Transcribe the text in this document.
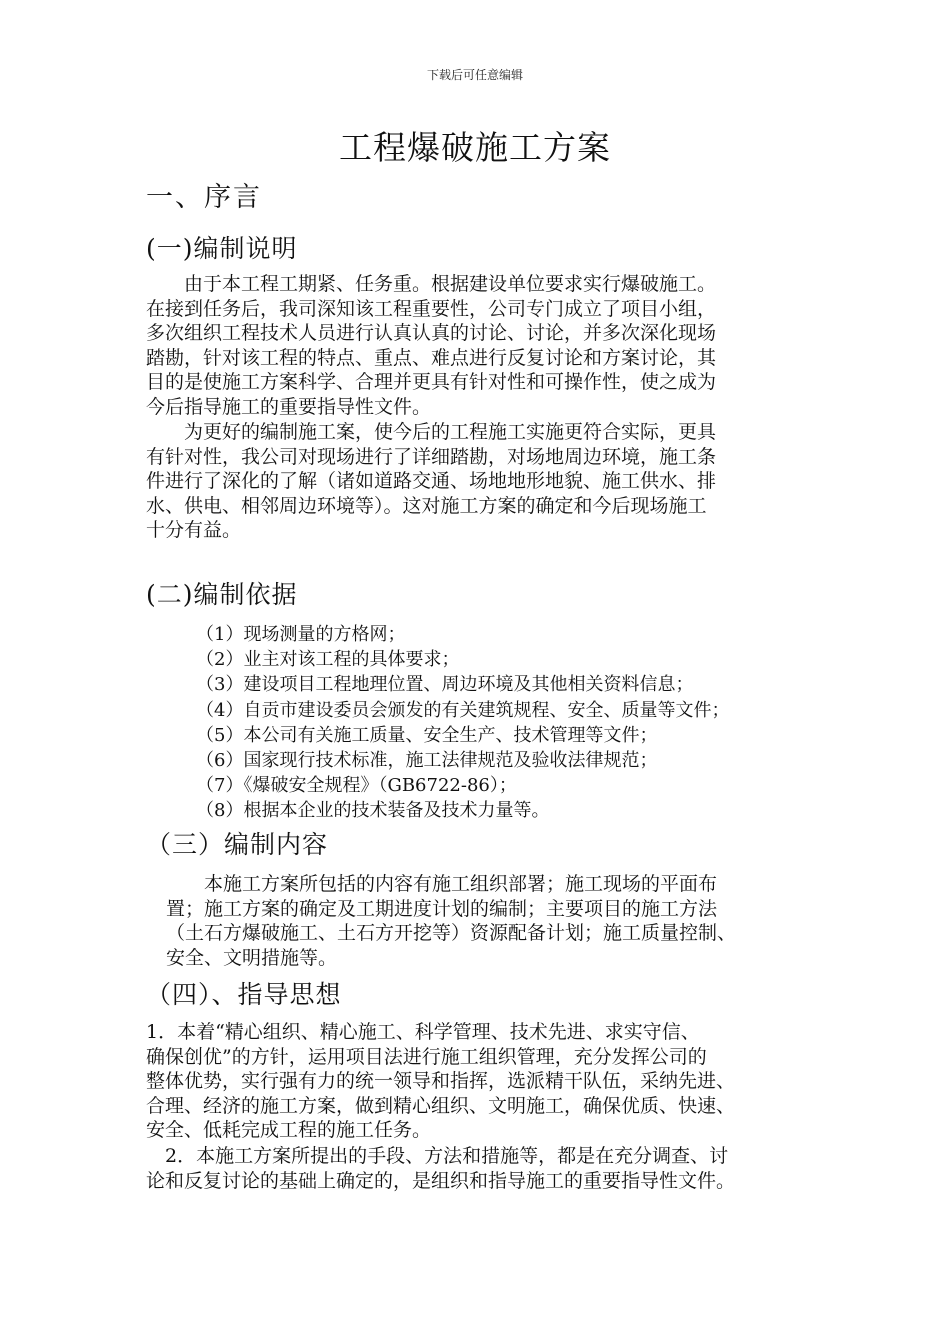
下载后可任意编辑
工程爆破施工方案
一、序言
(一)编制说明
　　由于本工程工期紧、任务重。根据建设单位要求实行爆破施工。
在接到任务后，我司深知该工程重要性，公司专门成立了项目小组，
多次组织工程技术人员进行认真认真的讨论、讨论，并多次深化现场
踏勘，针对该工程的特点、重点、难点进行反复讨论和方案讨论，其
目的是使施工方案科学、合理并更具有针对性和可操作性，使之成为
今后指导施工的重要指导性文件。
　　为更好的编制施工案，使今后的工程施工实施更符合实际，更具
有针对性，我公司对现场进行了详细踏勘，对场地周边环境，施工条
件进行了深化的了解（诸如道路交通、场地地形地貌、施工供水、排
水、供电、相邻周边环境等）。这对施工方案的确定和今后现场施工
十分有益。
(二)编制依据
（1）现场测量的方格网；
（2）业主对该工程的具体要求；
（3）建设项目工程地理位置、周边环境及其他相关资料信息；
（4）自贡市建设委员会颁发的有关建筑规程、安全、质量等文件；
（5）本公司有关施工质量、安全生产、技术管理等文件；
（6）国家现行技术标准，施工法律规范及验收法律规范；
（7）《爆破安全规程》（GB6722-86）；
（8）根据本企业的技术装备及技术力量等。
（三）编制内容
　　本施工方案所包括的内容有施工组织部署；施工现场的平面布
置；施工方案的确定及工期进度计划的编制；主要项目的施工方法
（土石方爆破施工、土石方开挖等）资源配备计划；施工质量控制、
安全、文明措施等。
（四）、指导思想
1．本着“精心组织、精心施工、科学管理、技术先进、求实守信、
确保创优”的方针，运用项目法进行施工组织管理，充分发挥公司的
整体优势，实行强有力的统一领导和指挥，选派精干队伍，采纳先进、
合理、经济的施工方案，做到精心组织、文明施工，确保优质、快速、
安全、低耗完成工程的施工任务。
　2．本施工方案所提出的手段、方法和措施等，都是在充分调查、讨
论和反复讨论的基础上确定的，是组织和指导施工的重要指导性文件。
